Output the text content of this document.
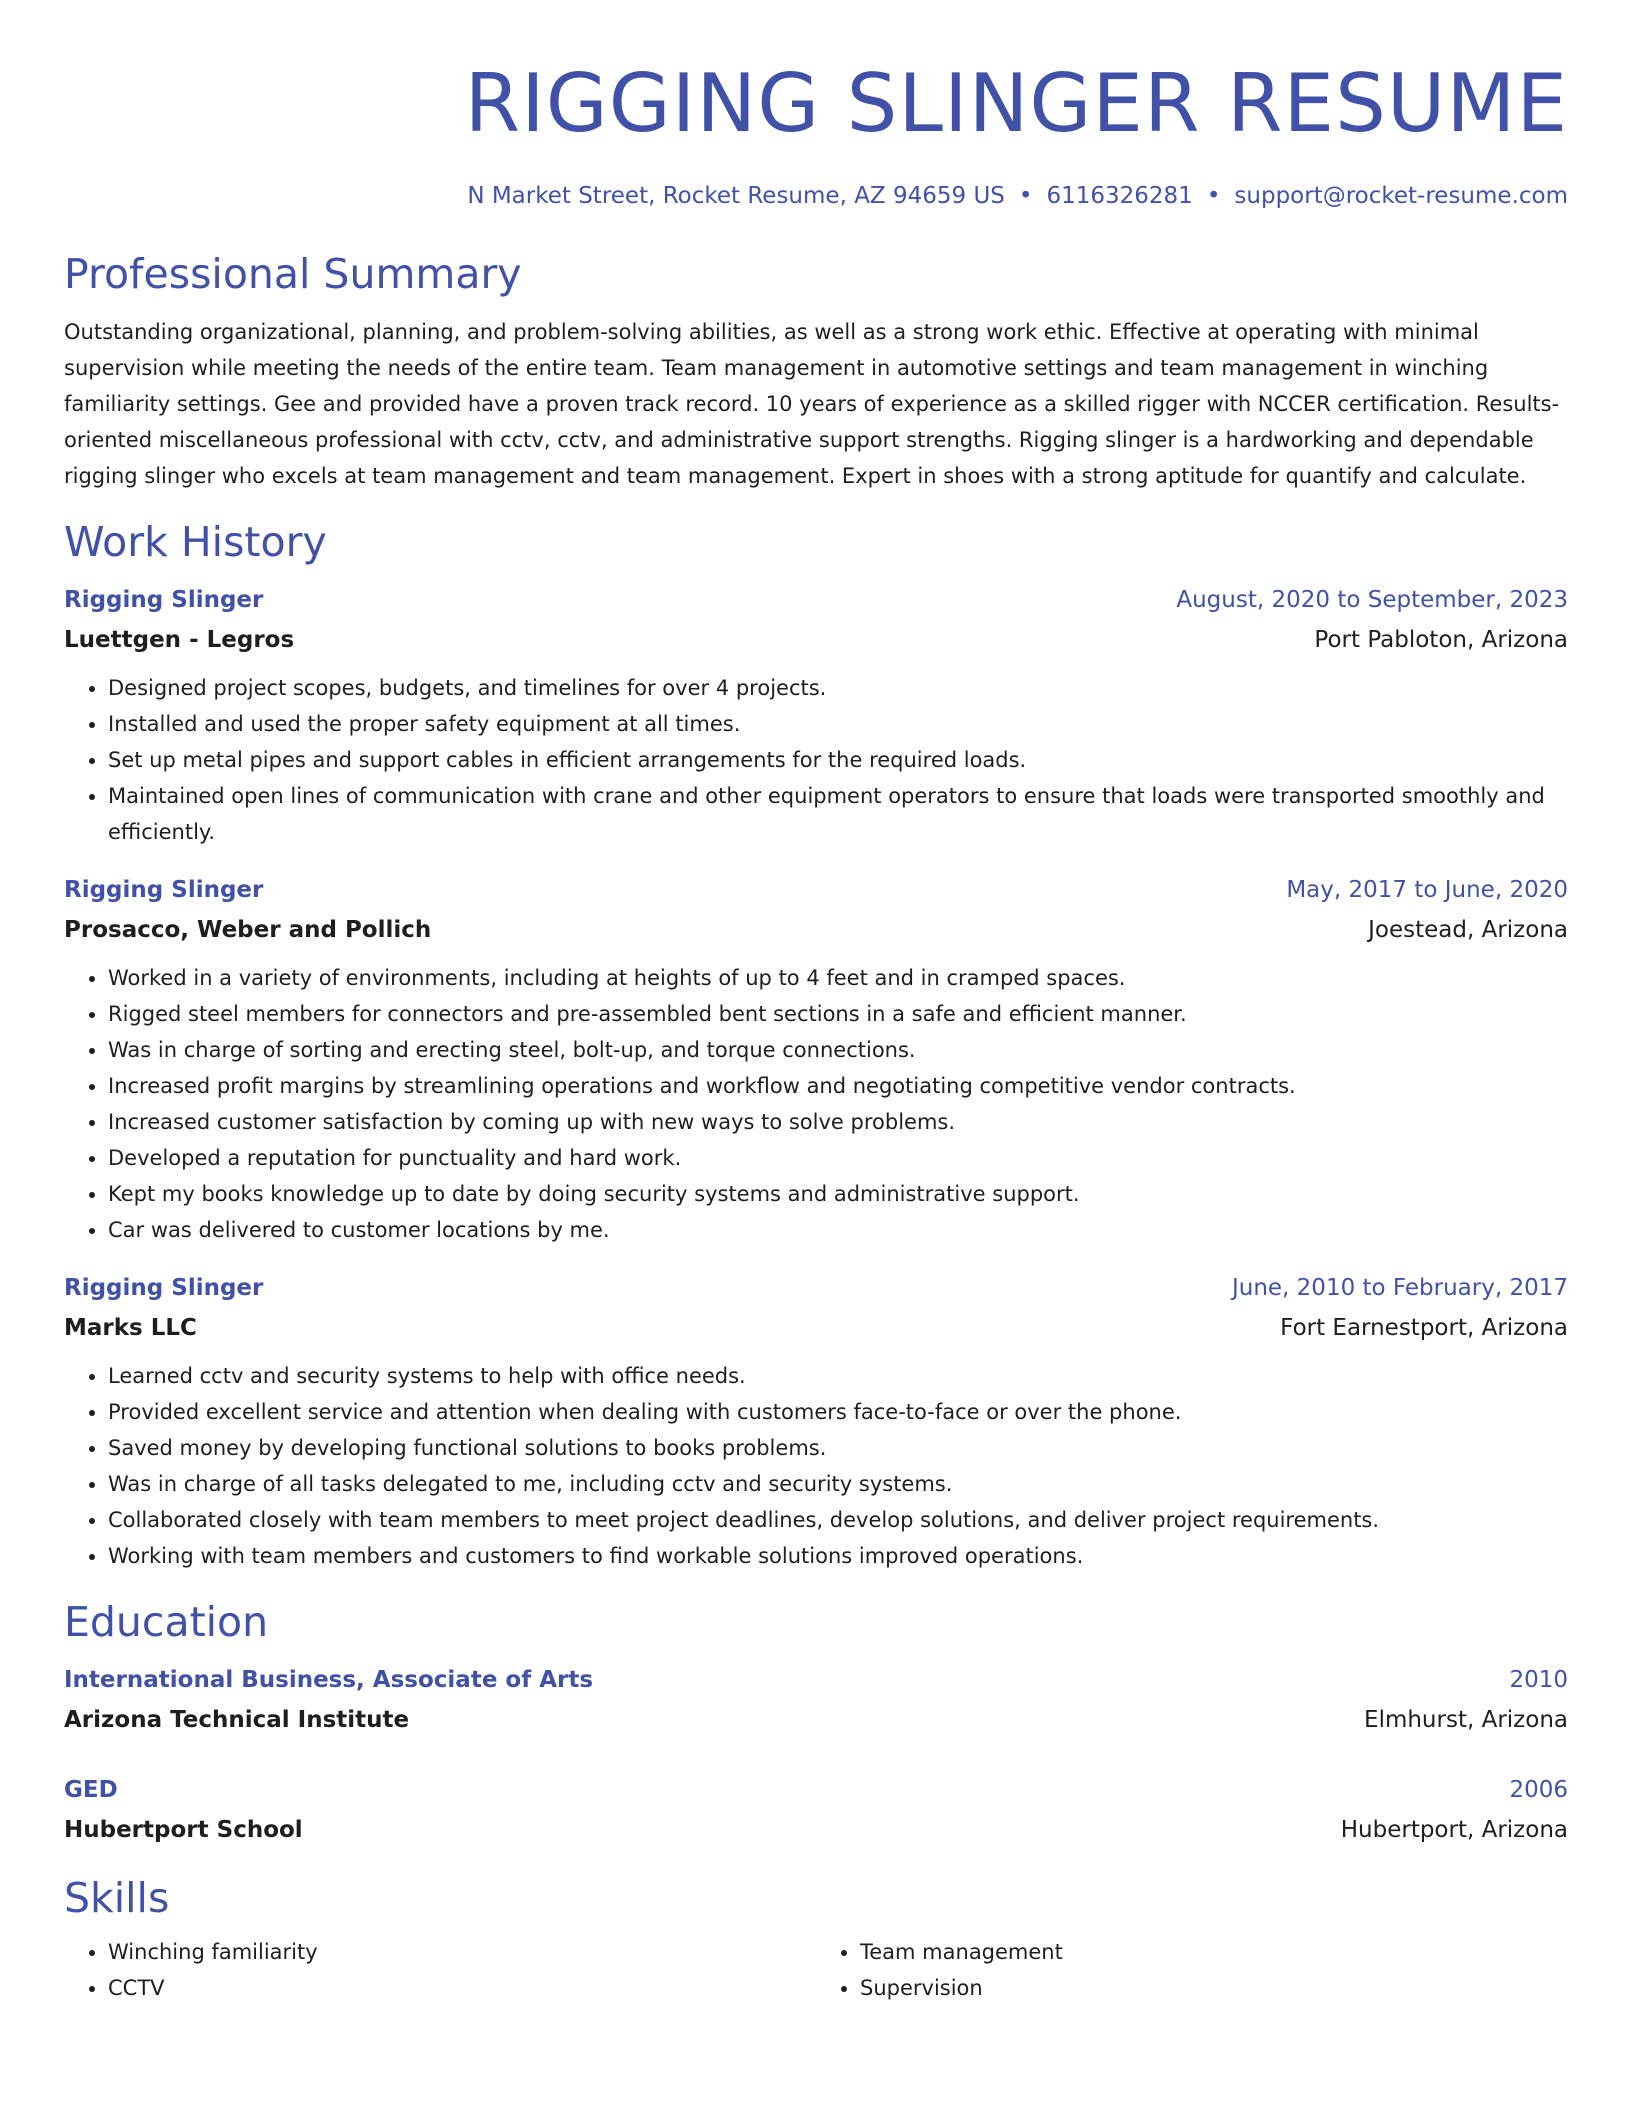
RIGGING SLINGER RESUME
N Market Street, Rocket Resume, AZ 94659 US • 6116326281 • support@rocket-resume.com
Professional Summary

Outstanding organizational, planning, and problem-solving abilities, as well as a strong work ethic. Effective at operating with minimal supervision while meeting the needs of the entire team. Team management in automotive settings and team management in winching familiarity settings. Gee and provided have a proven track record. 10 years of experience as a skilled rigger with NCCER certification. Results-oriented miscellaneous professional with cctv, cctv, and administrative support strengths. Rigging slinger is a hardworking and dependable rigging slinger who excels at team management and team management. Expert in shoes with a strong aptitude for quantify and calculate.

Work History
Rigging Slinger	August, 2020 to September, 2023
Luettgen - Legros	Port Pabloton, Arizona
• Designed project scopes, budgets, and timelines for over 4 projects.
• Installed and used the proper safety equipment at all times.
• Set up metal pipes and support cables in efficient arrangements for the required loads.
• Maintained open lines of communication with crane and other equipment operators to ensure that loads were transported smoothly and efficiently.
Rigging Slinger	May, 2017 to June, 2020
Prosacco, Weber and Pollich	Joestead, Arizona
• Worked in a variety of environments, including at heights of up to 4 feet and in cramped spaces.
• Rigged steel members for connectors and pre-assembled bent sections in a safe and efficient manner.
• Was in charge of sorting and erecting steel, bolt-up, and torque connections.
• Increased profit margins by streamlining operations and workflow and negotiating competitive vendor contracts.
• Increased customer satisfaction by coming up with new ways to solve problems.
• Developed a reputation for punctuality and hard work.
• Kept my books knowledge up to date by doing security systems and administrative support.
• Car was delivered to customer locations by me.
Rigging Slinger	June, 2010 to February, 2017
Marks LLC	Fort Earnestport, Arizona
• Learned cctv and security systems to help with office needs.
• Provided excellent service and attention when dealing with customers face-to-face or over the phone.
• Saved money by developing functional solutions to books problems.
• Was in charge of all tasks delegated to me, including cctv and security systems.
• Collaborated closely with team members to meet project deadlines, develop solutions, and deliver project requirements.
• Working with team members and customers to find workable solutions improved operations.
Education
International Business, Associate of Arts	2010
Arizona Technical Institute	Elmhurst, Arizona
GED	2006
Hubertport School	Hubertport, Arizona
Skills
• Winching familiarity
• CCTV
• Team management
• Supervision
